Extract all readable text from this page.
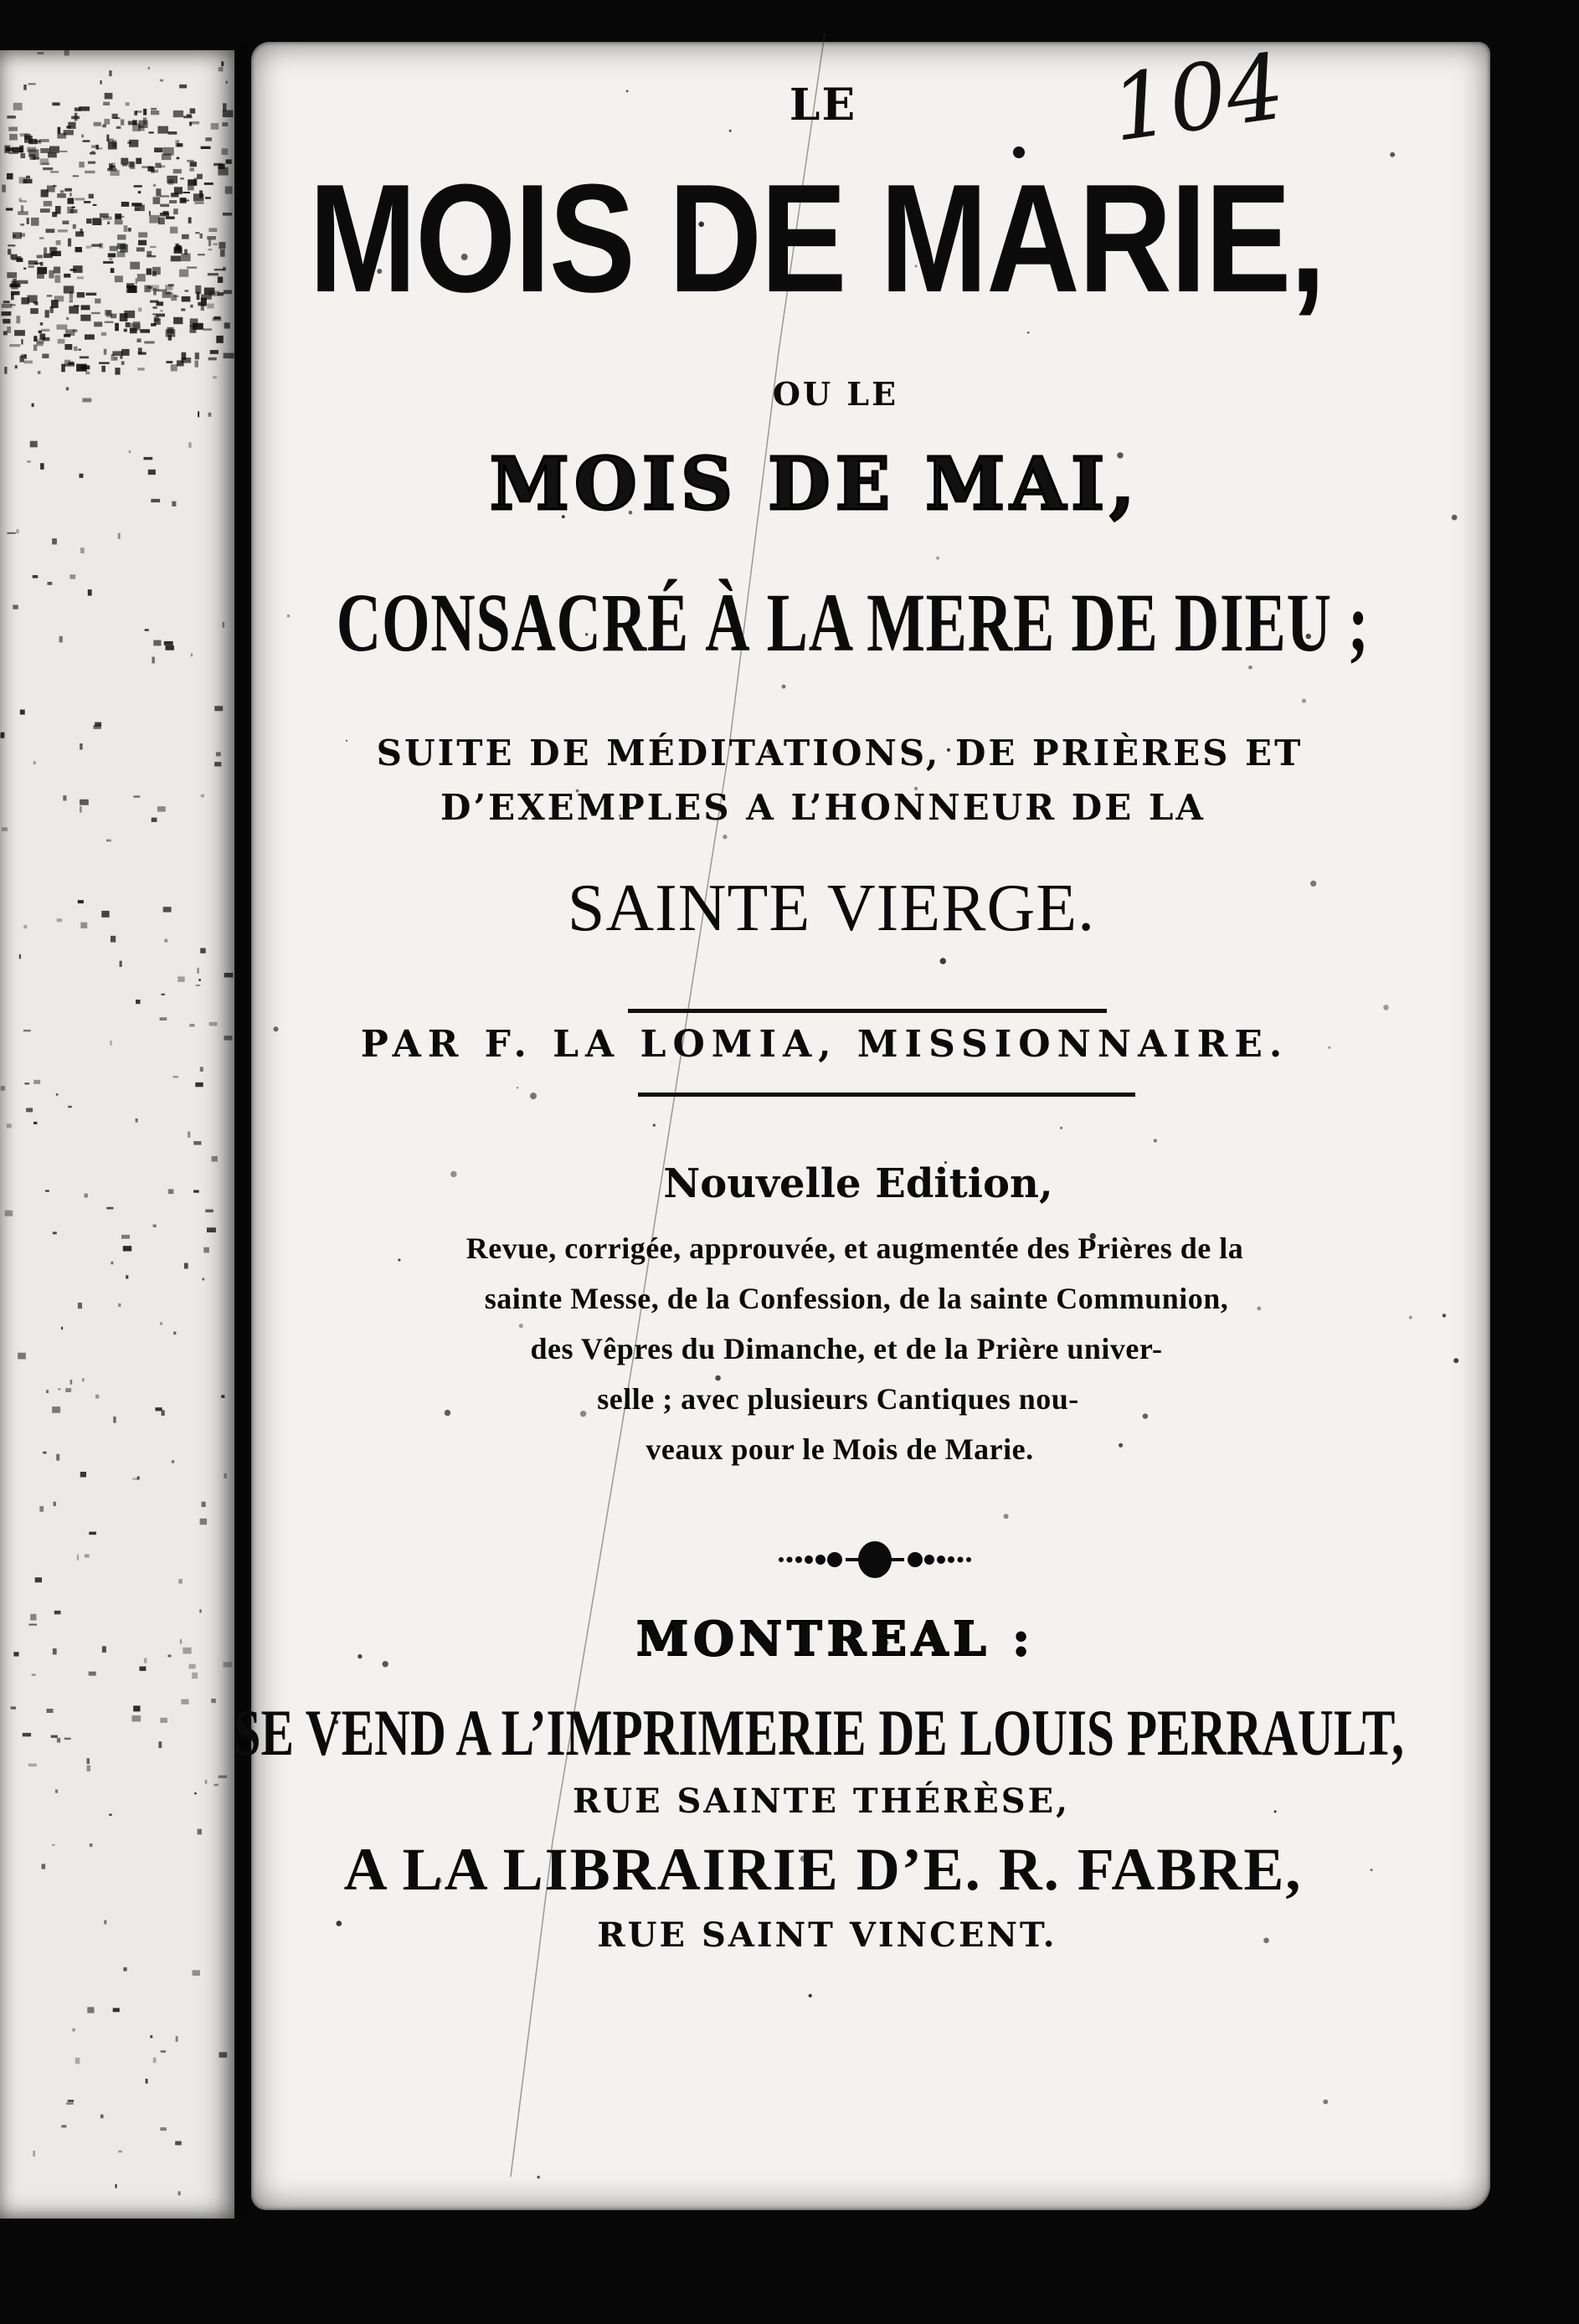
104

LE

MOIS DE MARIE,

OU LE

MOIS DE MAI,

CONSACRÉ À LA MERE DE DIEU ;

SUITE DE MÉDITATIONS, DE PRIÈRES ET

D’EXEMPLES A L’HONNEUR DE LA

SAINTE VIERGE.

PAR F. LA LOMIA, MISSIONNAIRE.

Nouvelle Edition,

Revue, corrigée, approuvée, et augmentée des Prières de la

sainte Messe, de la Confession, de la sainte Communion,

des Vêpres du Dimanche, et de la Prière univer-

selle ; avec plusieurs Cantiques nou-

veaux pour le Mois de Marie.

MONTREAL :

SE VEND A L’IMPRIMERIE DE LOUIS PERRAULT,

RUE SAINTE THÉRÈSE,

A LA LIBRAIRIE D’E. R. FABRE,

RUE SAINT VINCENT.
